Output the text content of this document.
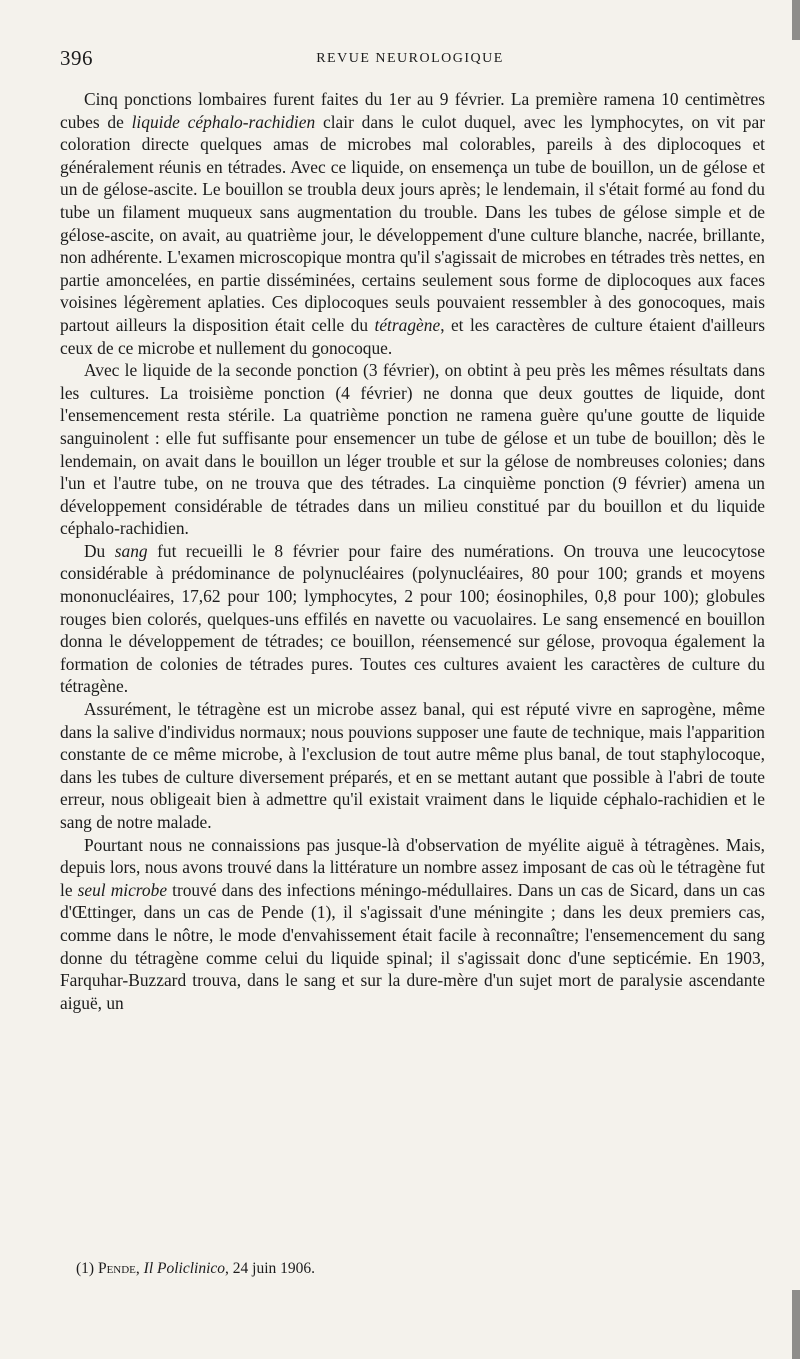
396	REVUE NEUROLOGIQUE

Cinq ponctions lombaires furent faites du 1er au 9 février. La première ramena 10 centimètres cubes de liquide céphalo-rachidien clair dans le culot duquel, avec les lymphocytes, on vit par coloration directe quelques amas de microbes mal colorables, pareils à des diplocoques et généralement réunis en tétrades. Avec ce liquide, on ensemença un tube de bouillon, un de gélose et un de gélose-ascite. Le bouillon se troubla deux jours après; le lendemain, il s'était formé au fond du tube un filament muqueux sans augmentation du trouble. Dans les tubes de gélose simple et de gélose-ascite, on avait, au quatrième jour, le développement d'une culture blanche, nacrée, brillante, non adhérente. L'examen microscopique montra qu'il s'agissait de microbes en tétrades très nettes, en partie amoncelées, en partie disséminées, certains seulement sous forme de diplocoques aux faces voisines légèrement aplaties. Ces diplocoques seuls pouvaient ressembler à des gonocoques, mais partout ailleurs la disposition était celle du tétragène, et les caractères de culture étaient d'ailleurs ceux de ce microbe et nullement du gonocoque.

Avec le liquide de la seconde ponction (3 février), on obtint à peu près les mêmes résultats dans les cultures. La troisième ponction (4 février) ne donna que deux gouttes de liquide, dont l'ensemencement resta stérile. La quatrième ponction ne ramena guère qu'une goutte de liquide sanguinolent : elle fut suffisante pour ensemencer un tube de gélose et un tube de bouillon; dès le lendemain, on avait dans le bouillon un léger trouble et sur la gélose de nombreuses colonies; dans l'un et l'autre tube, on ne trouva que des tétrades. La cinquième ponction (9 février) amena un développement considérable de tétrades dans un milieu constitué par du bouillon et du liquide céphalo-rachidien.

Du sang fut recueilli le 8 février pour faire des numérations. On trouva une leucocytose considérable à prédominance de polynucléaires (polynucléaires, 80 pour 100; grands et moyens mononucléaires, 17,62 pour 100; lymphocytes, 2 pour 100; éosinophiles, 0,8 pour 100); globules rouges bien colorés, quelques-uns effilés en navette ou vacuolaires. Le sang ensemencé en bouillon donna le développement de tétrades; ce bouillon, réensemencé sur gélose, provoqua également la formation de colonies de tétrades pures. Toutes ces cultures avaient les caractères de culture du tétragène.

Assurément, le tétragène est un microbe assez banal, qui est réputé vivre en saprogène, même dans la salive d'individus normaux; nous pouvions supposer une faute de technique, mais l'apparition constante de ce même microbe, à l'exclusion de tout autre même plus banal, de tout staphylocoque, dans les tubes de culture diversement préparés, et en se mettant autant que possible à l'abri de toute erreur, nous obligeait bien à admettre qu'il existait vraiment dans le liquide céphalo-rachidien et le sang de notre malade.

Pourtant nous ne connaissions pas jusque-là d'observation de myélite aiguë à tétragènes. Mais, depuis lors, nous avons trouvé dans la littérature un nombre assez imposant de cas où le tétragène fut le seul microbe trouvé dans des infections méningo-médullaires. Dans un cas de Sicard, dans un cas d'Œttinger, dans un cas de Pende (1), il s'agissait d'une méningite ; dans les deux premiers cas, comme dans le nôtre, le mode d'envahissement était facile à reconnaître; l'ensemencement du sang donne du tétragène comme celui du liquide spinal; il s'agissait donc d'une septicémie. En 1903, Farquhar-Buzzard trouva, dans le sang et sur la dure-mère d'un sujet mort de paralysie ascendante aiguë, un

(1) Pende, Il Policlinico, 24 juin 1906.
